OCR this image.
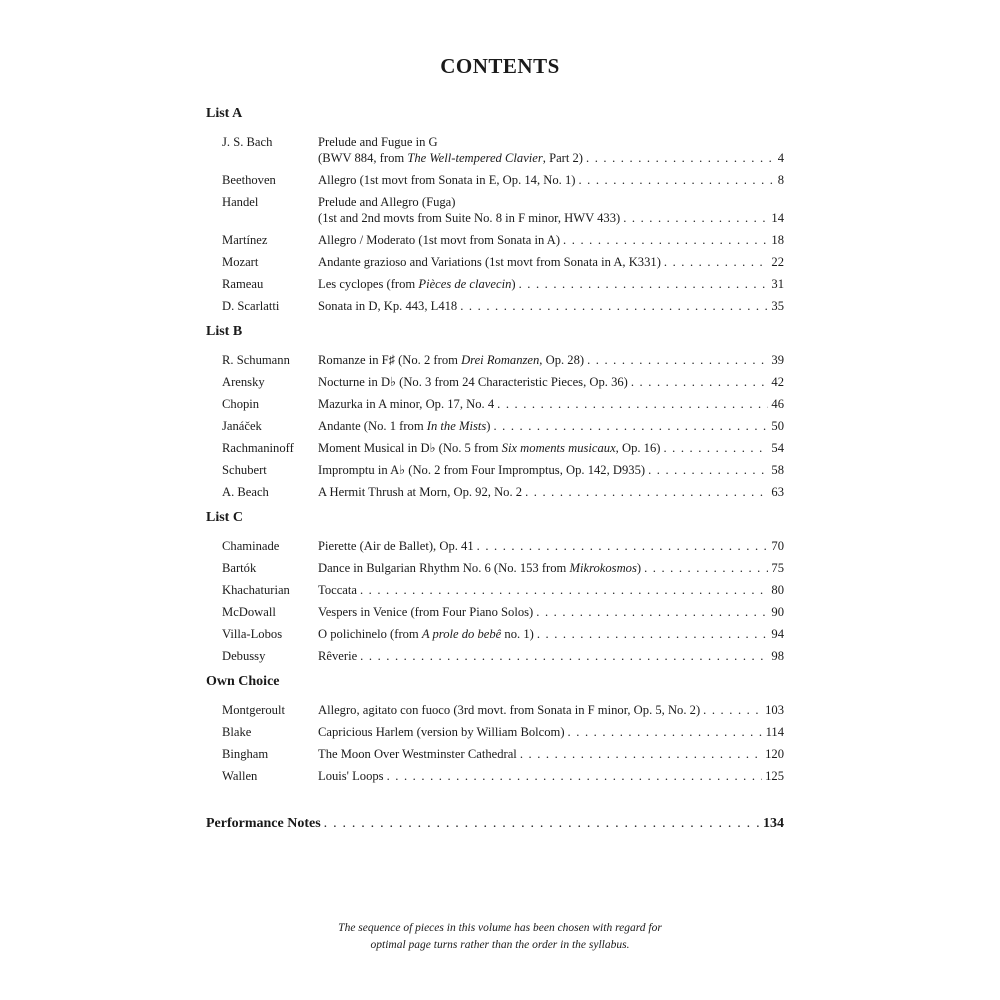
CONTENTS
List A
J. S. Bach	Prelude and Fugue in G
(BWV 884, from The Well-tempered Clavier, Part 2) . . .	4
Beethoven	Allegro (1st movt from Sonata in E, Op. 14, No. 1) . . .	8
Handel	Prelude and Allegro (Fuga)
(1st and 2nd movts from Suite No. 8 in F minor, HWV 433) . . .	14
Martínez	Allegro / Moderato (1st movt from Sonata in A) . . .	18
Mozart	Andante grazioso and Variations (1st movt from Sonata in A, K331) . . .	22
Rameau	Les cyclopes (from Pièces de clavecin) . . .	31
D. Scarlatti	Sonata in D, Kp. 443, L418 . . .	35
List B
R. Schumann	Romanze in F♯ (No. 2 from Drei Romanzen, Op. 28) . . .	39
Arensky	Nocturne in D♭ (No. 3 from 24 Characteristic Pieces, Op. 36) . . .	42
Chopin	Mazurka in A minor, Op. 17, No. 4 . . .	46
Janáček	Andante (No. 1 from In the Mists) . . .	50
Rachmaninoff	Moment Musical in D♭ (No. 5 from Six moments musicaux, Op. 16) . . .	54
Schubert	Impromptu in A♭ (No. 2 from Four Impromptus, Op. 142, D935) . . .	58
A. Beach	A Hermit Thrush at Morn, Op. 92, No. 2 . . .	63
List C
Chaminade	Pierette (Air de Ballet), Op. 41 . . .	70
Bartók	Dance in Bulgarian Rhythm No. 6 (No. 153 from Mikrokosmos) . . .	75
Khachaturian	Toccata . . .	80
McDowall	Vespers in Venice (from Four Piano Solos) . . .	90
Villa-Lobos	O polichinelo (from A prole do bebê no. 1) . . .	94
Debussy	Rêverie . . .	98
Own Choice
Montgeroult	Allegro, agitato con fuoco (3rd movt. from Sonata in F minor, Op. 5, No. 2) . . .	103
Blake	Capricious Harlem (version by William Bolcom) . . .	114
Bingham	The Moon Over Westminster Cathedral . . .	120
Wallen	Louis' Loops . . .	125
Performance Notes . . .	134
The sequence of pieces in this volume has been chosen with regard for
optimal page turns rather than the order in the syllabus.
